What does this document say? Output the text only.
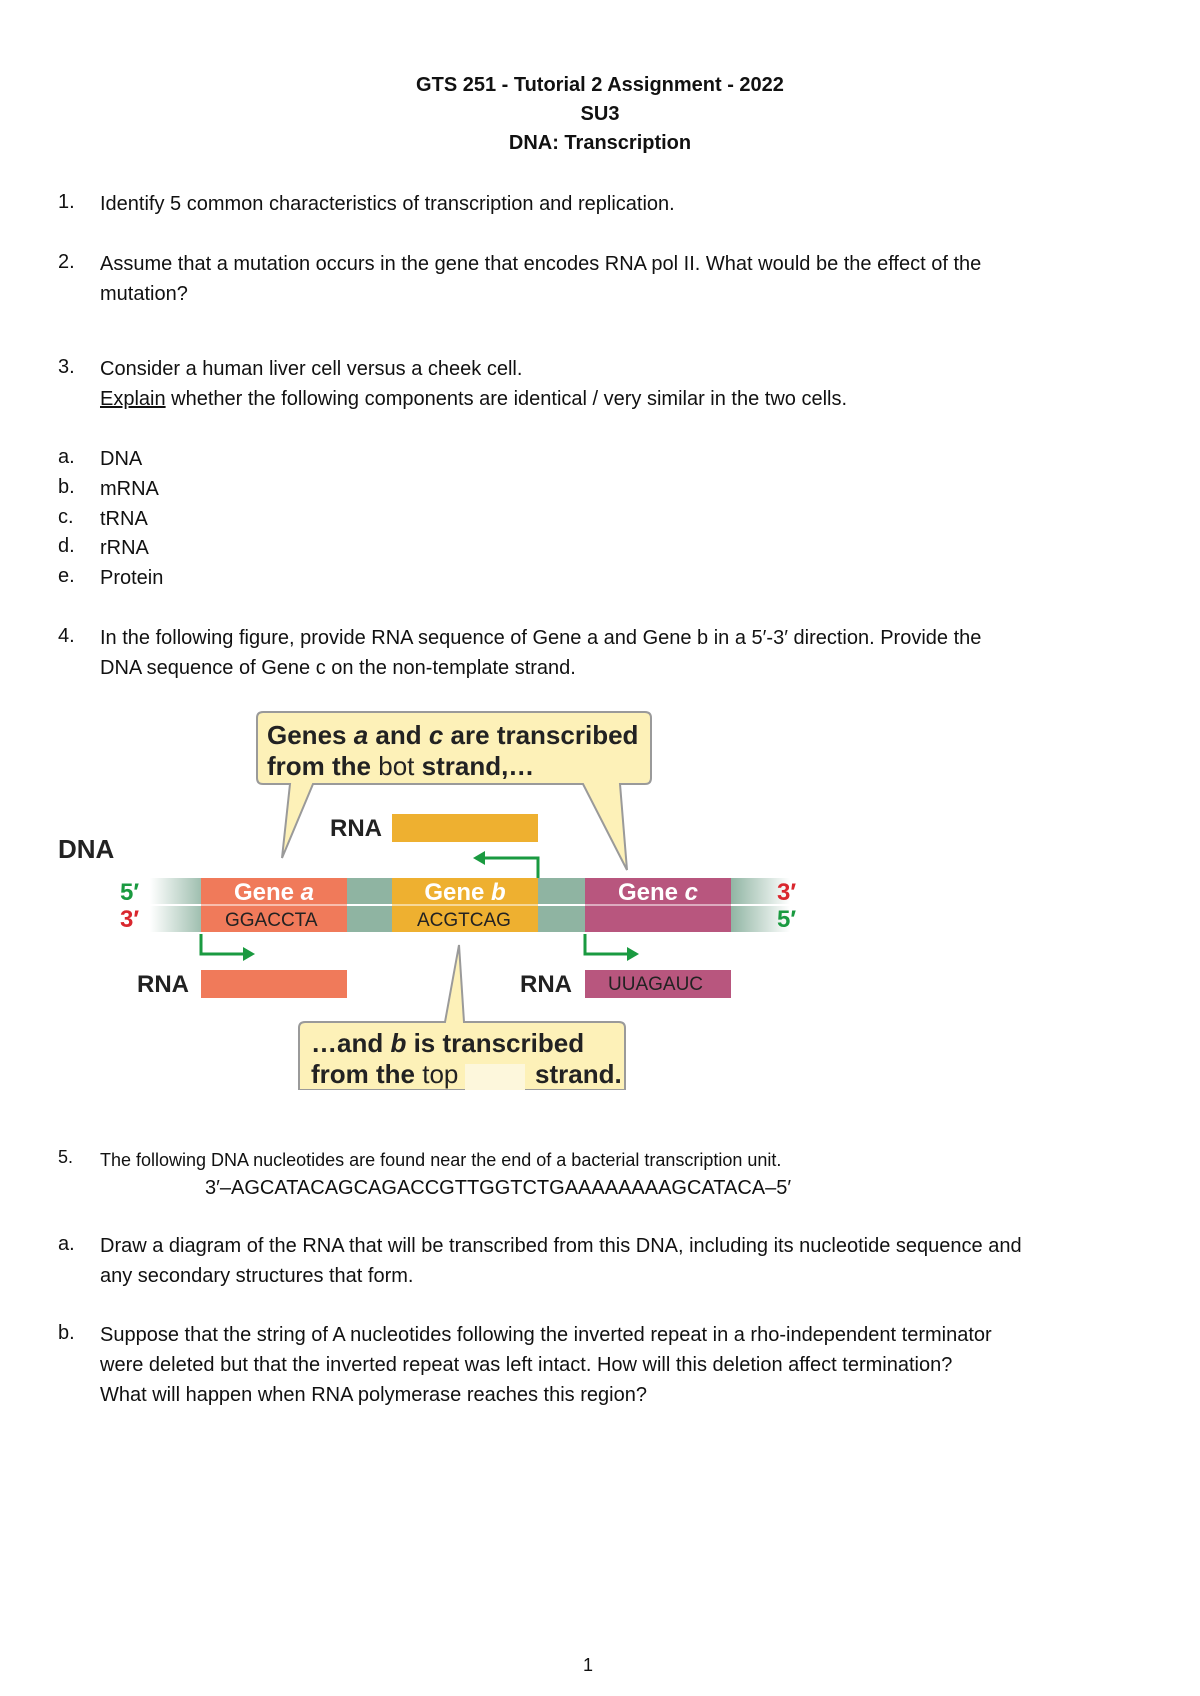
GTS 251 - Tutorial 2 Assignment - 2022
SU3
DNA: Transcription
1. Identify 5 common characteristics of transcription and replication.
2. Assume that a mutation occurs in the gene that encodes RNA pol II. What would be the effect of the
mutation?
3. Consider a human liver cell versus a cheek cell.
Explain whether the following components are identical / very similar in the two cells.
a. DNA
b. mRNA
c. tRNA
d. rRNA
e. Protein
4. In the following figure, provide RNA sequence of Gene a and Gene b in a 5′-3′ direction. Provide the
DNA sequence of Gene c on the non-template strand.
Genes a and c are transcribed
from the bot strand,…
RNA
DNA
Gene a
GGACCTA
Gene b
ACGTCAG
Gene c
5′
3′
3′
5′
RNA	RNA UUAGAUC
…and b is transcribed
from the top	strand.
5. The following DNA nucleotides are found near the end of a bacterial transcription unit.
3′–AGCATACAGCAGACCGTTGGTCTGAAAAAAAAGCATACA–5′
a. Draw a diagram of the RNA that will be transcribed from this DNA, including its nucleotide sequence and
any secondary structures that form.
b. Suppose that the string of A nucleotides following the inverted repeat in a rho-independent terminator
were deleted but that the inverted repeat was left intact. How will this deletion affect termination?
What will happen when RNA polymerase reaches this region?
1
